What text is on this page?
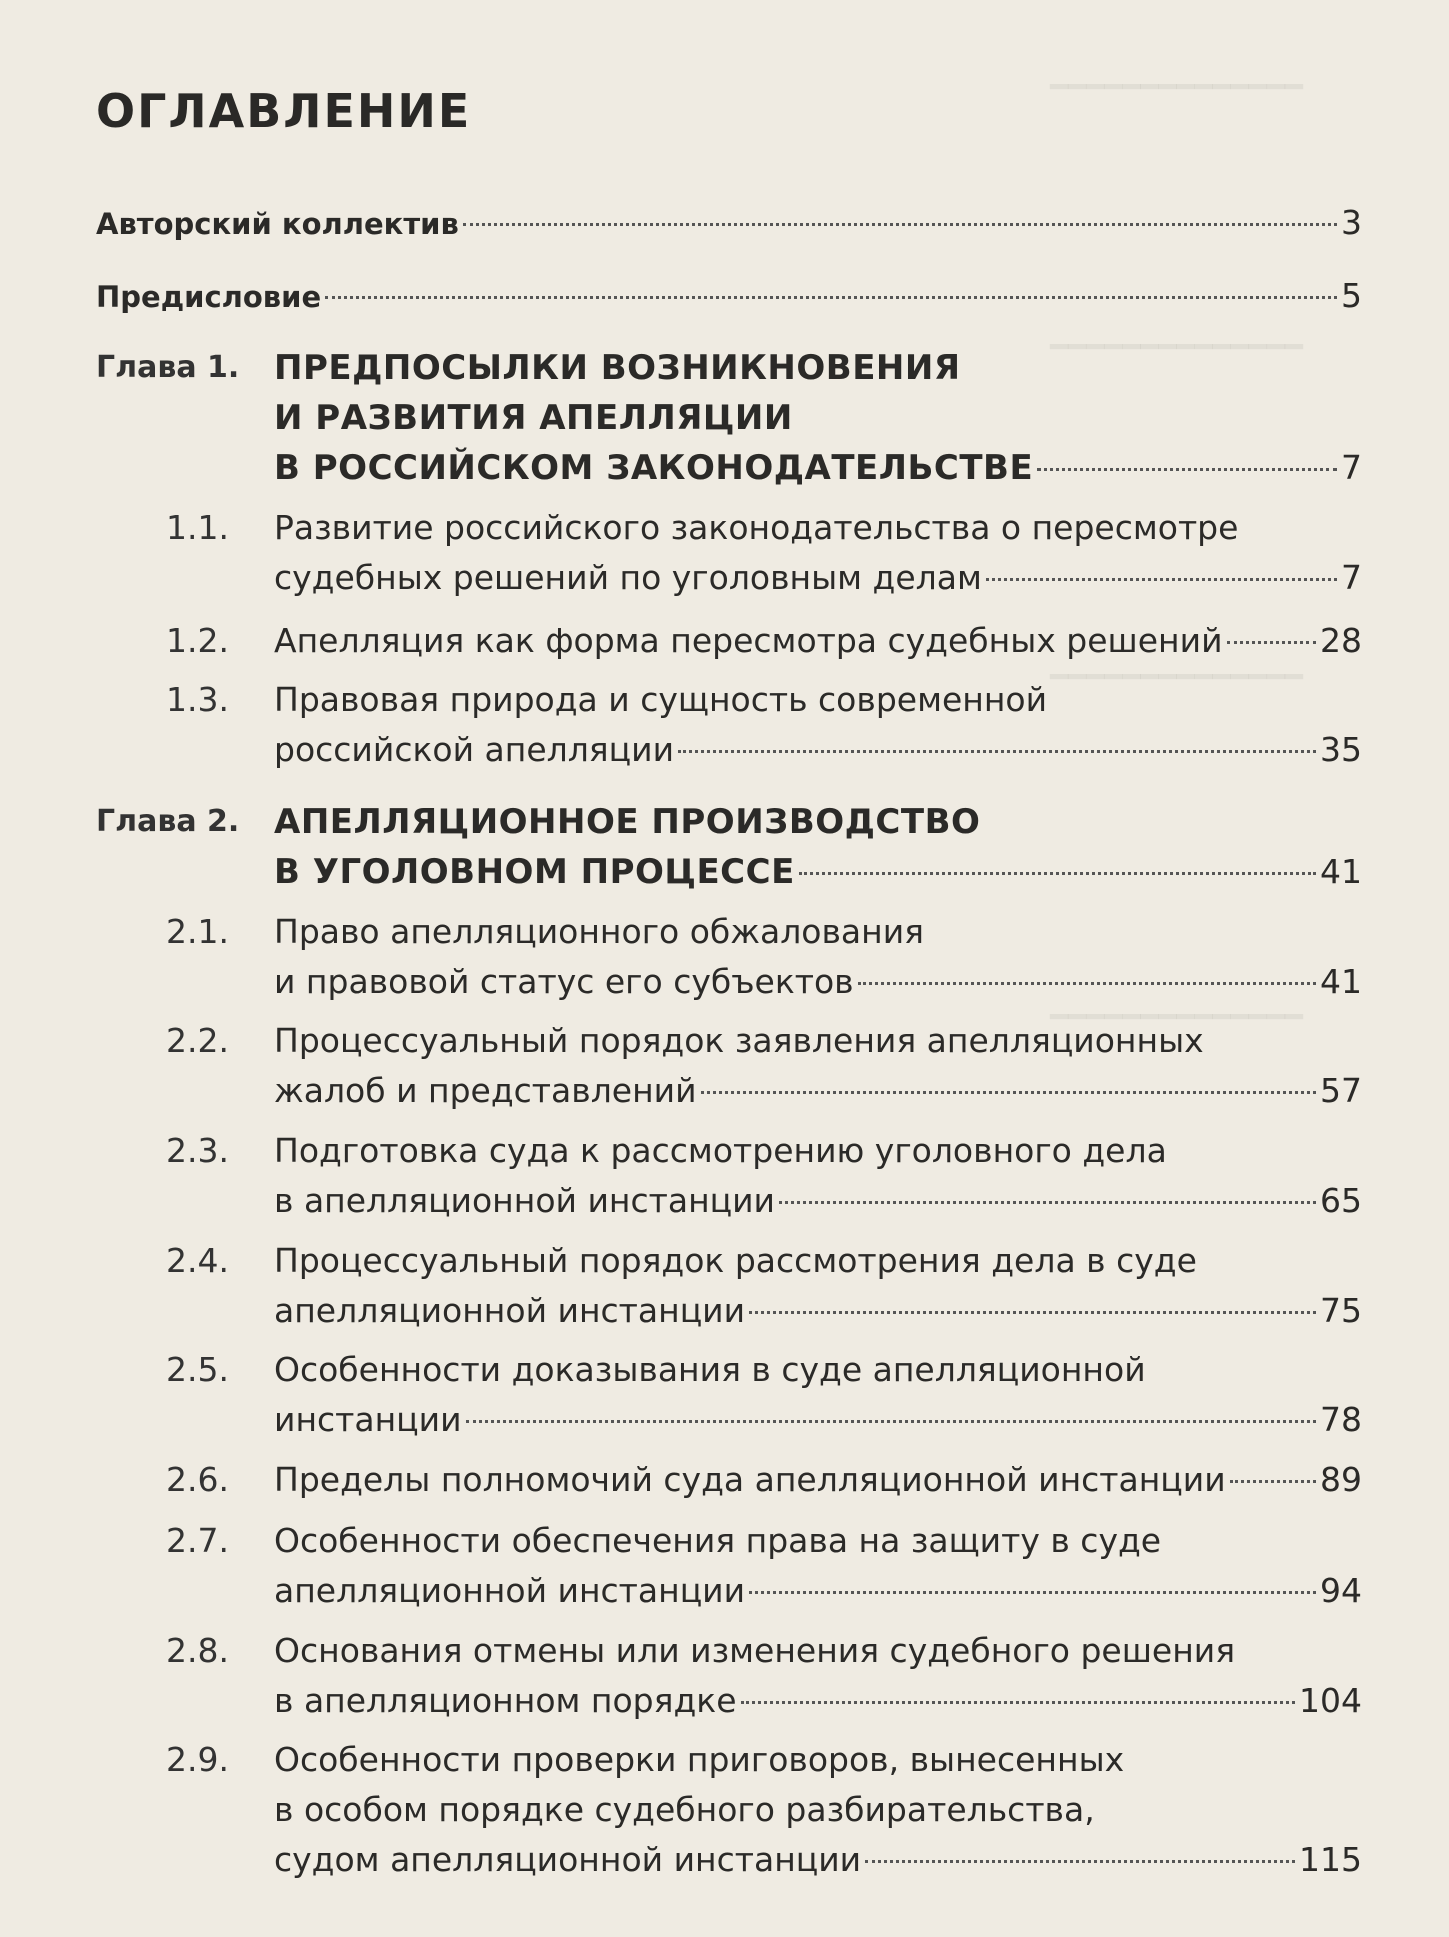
━━━━━━━━━━━━━━
━━━━━━━━━━━━━━
━━━━━━━━━━━━━━
━━━━━━━━━━━━━━
ОГЛАВЛЕНИЕ
Авторский коллектив	3
Предисловие	5
Глава 1. ПРЕДПОСЫЛКИ ВОЗНИКНОВЕНИЯ
И РАЗВИТИЯ АПЕЛЛЯЦИИ
В РОССИЙСКОМ ЗАКОНОДАТЕЛЬСТВЕ	7
1.1. Развитие российского законодательства о пересмотре
судебных решений по уголовным делам	7
1.2. Апелляция как форма пересмотра судебных решений	28
1.3. Правовая природа и сущность современной
российской апелляции	35
Глава 2. АПЕЛЛЯЦИОННОЕ ПРОИЗВОДСТВО
В УГОЛОВНОМ ПРОЦЕССЕ	41
2.1. Право апелляционного обжалования
и правовой статус его субъектов	41
2.2. Процессуальный порядок заявления апелляционных
жалоб и представлений	57
2.3. Подготовка суда к рассмотрению уголовного дела
в апелляционной инстанции	65
2.4. Процессуальный порядок рассмотрения дела в суде
апелляционной инстанции	75
2.5. Особенности доказывания в суде апелляционной
инстанции	78
2.6. Пределы полномочий суда апелляционной инстанции	89
2.7. Особенности обеспечения права на защиту в суде
апелляционной инстанции	94
2.8. Основания отмены или изменения судебного решения
в апелляционном порядке	104
2.9. Особенности проверки приговоров, вынесенных
в особом порядке судебного разбирательства,
судом апелляционной инстанции	115
